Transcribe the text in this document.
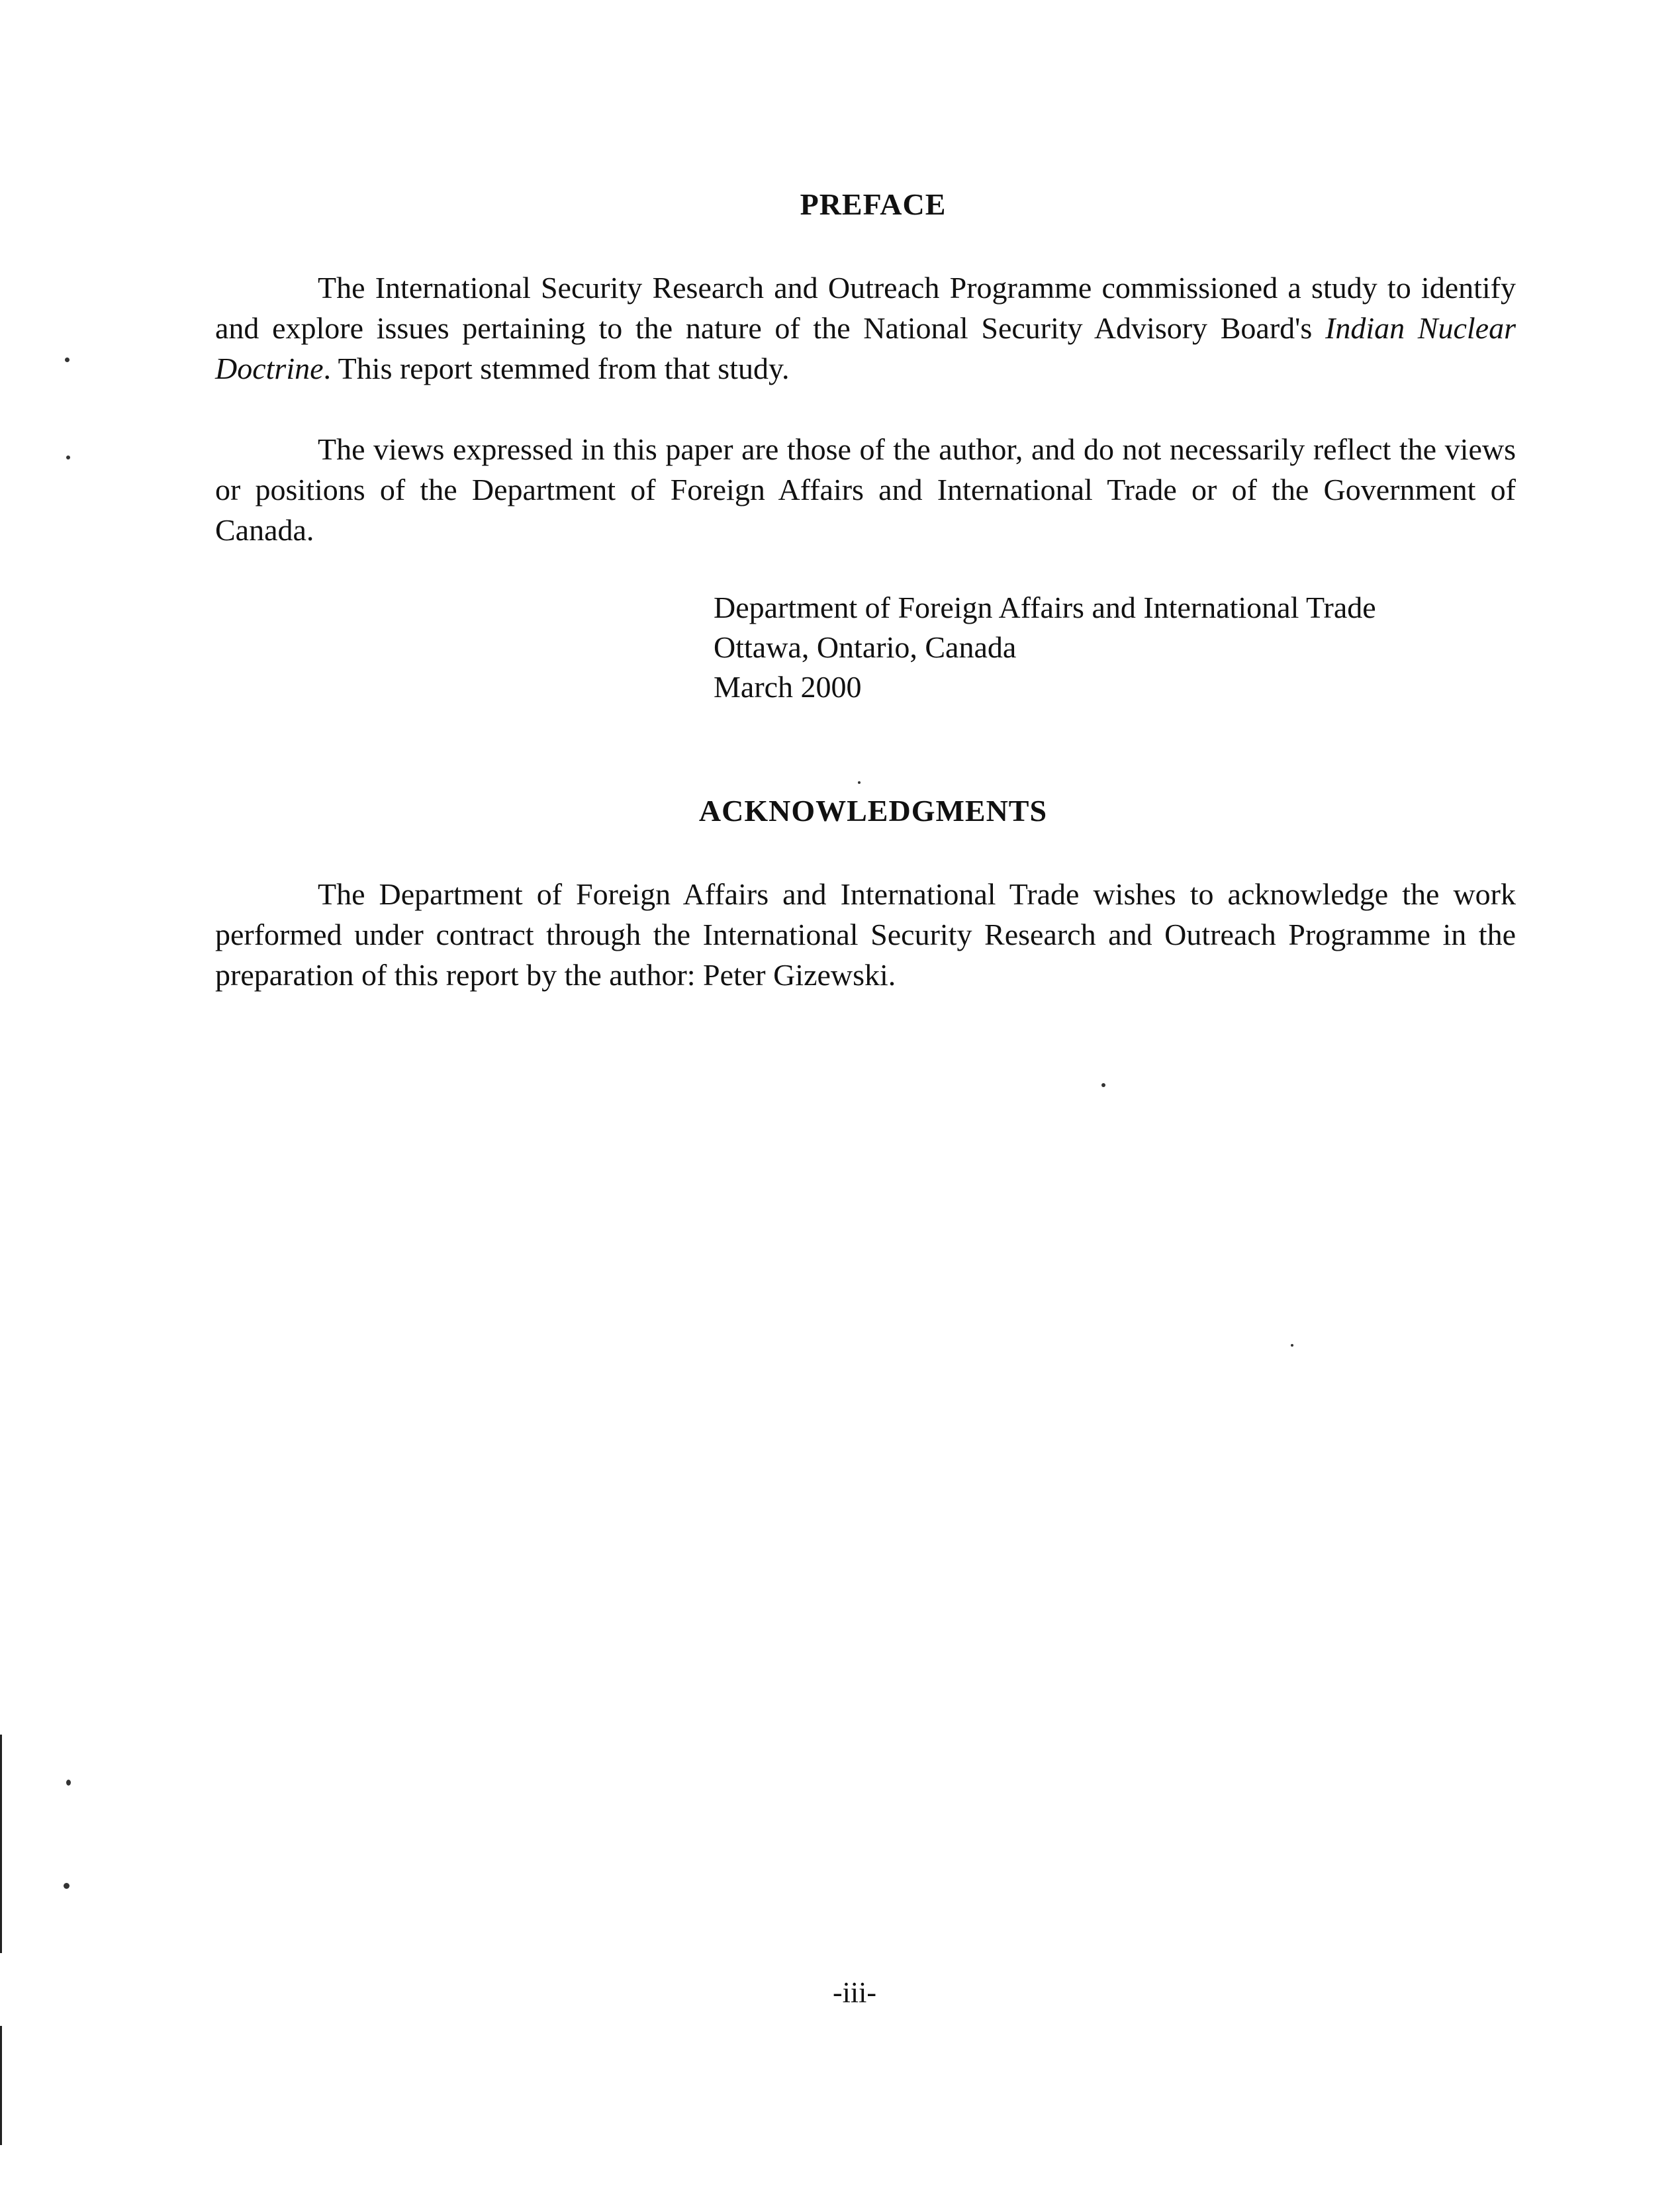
PREFACE

The International Security Research and Outreach Programme commissioned a study to identify and explore issues pertaining to the nature of the National Security Advisory Board's Indian Nuclear Doctrine. This report stemmed from that study.

The views expressed in this paper are those of the author, and do not necessarily reflect the views or positions of the Department of Foreign Affairs and International Trade or of the Government of Canada.

Department of Foreign Affairs and International Trade
Ottawa, Ontario, Canada
March 2000
ACKNOWLEDGMENTS

The Department of Foreign Affairs and International Trade wishes to acknowledge the work performed under contract through the International Security Research and Outreach Programme in the preparation of this report by the author: Peter Gizewski.

-iii-
